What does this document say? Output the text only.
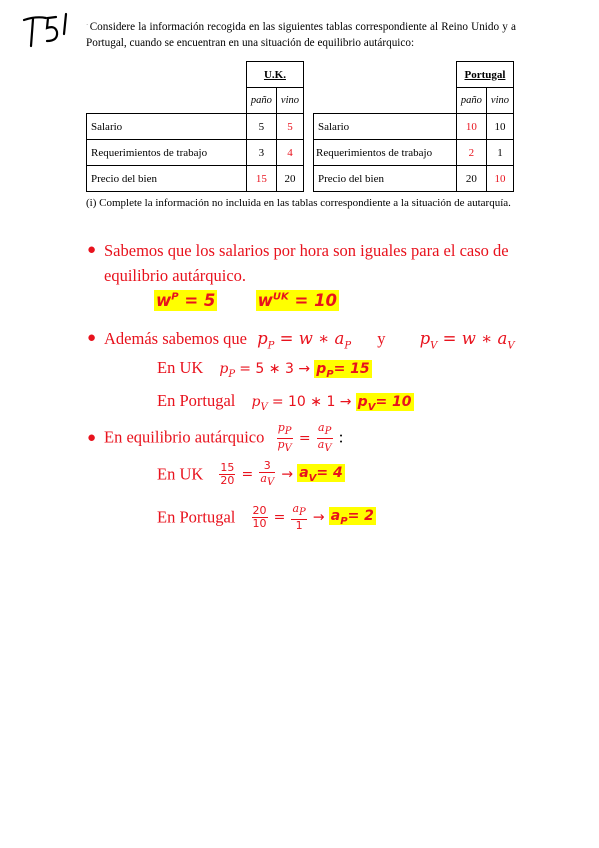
$^ˊ$Considere la información recogida en las siguientes tablas correspondiente al Reino Unido y a Portugal, cuando se encuentran en una situación de equilibrio autárquico:
	U.K.	
	paño	vino
Salario	5	5
Requerimientos de trabajo	3	4
Precio del bien	15	20
	Portugal	
	paño	vino
Salario	10	10
Requerimientos de trabajo	2	1
Precio del bien	20	10
(i) Complete la información no incluida en las tablas correspondiente a la situación de autarquía.
● Sabemos que los salarios por hora son iguales para el caso de equilibrio autárquico.
$w^P = 5$	$w^{UK} = 10$
● Además sabemos que $p_P = w$ ∗ $a_P$ y $p_V = w$ ∗ $a_V$
En UK $p_P = 5$ ∗ $3 \to p_P= 15$
En Portugal $p_V = 10$ ∗ $1 \to p_V= 10$
● En equilibrio autárquico $\frac{p_P}{p_V} = \frac{a_P}{a_V}$ :
En UK $\frac{15}{20} = \frac{3}{a_V} \to a_V= 4$
En Portugal $\frac{20}{10} = \frac{a_P}{1} \to a_P= 2$
